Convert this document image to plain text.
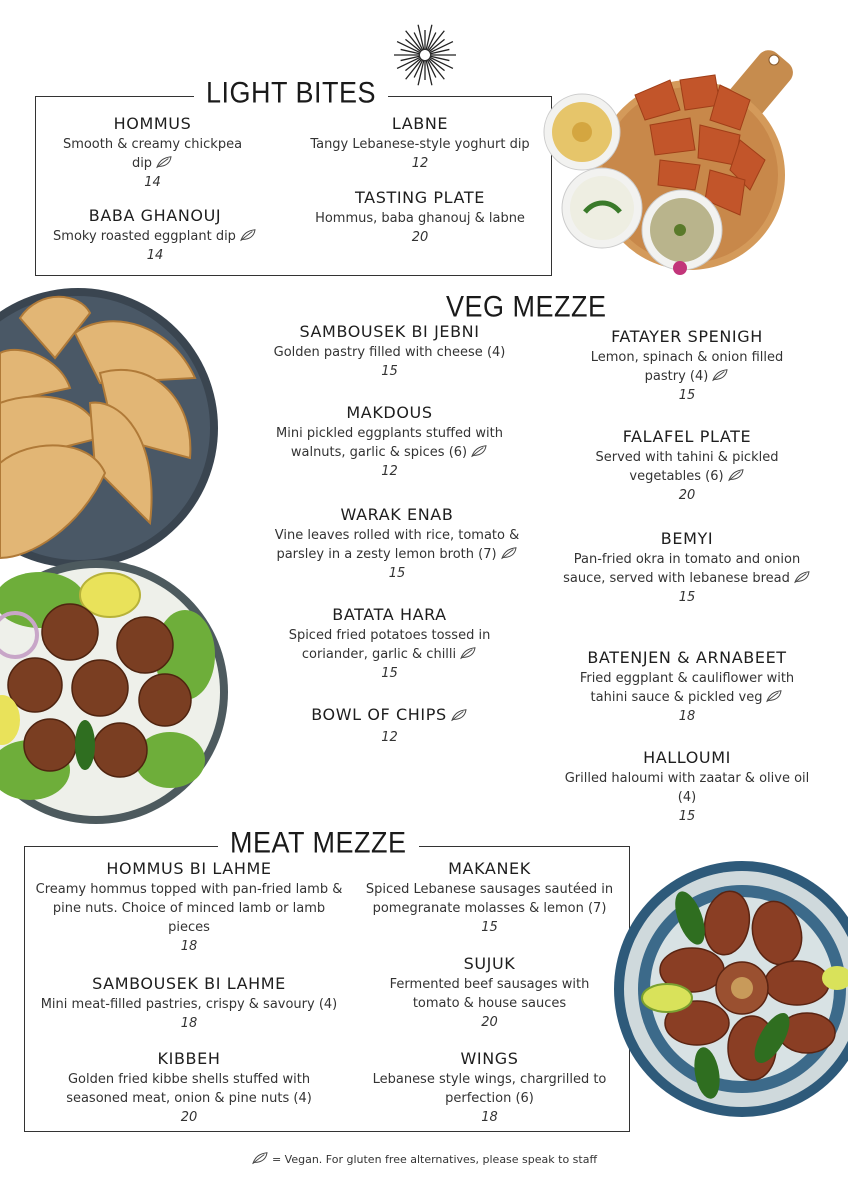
LIGHT BITES
HOMMUS
Smooth & creamy chickpea dip
14
BABA GHANOUJ
Smoky roasted eggplant dip
14
LABNE
Tangy Lebanese-style yoghurt dip
12
TASTING PLATE
Hommus, baba ghanouj & labne
20
VEG MEZZE
SAMBOUSEK BI JEBNI
Golden pastry filled with cheese (4)
15
MAKDOUS
Mini pickled eggplants stuffed with walnuts, garlic & spices (6)
12
WARAK ENAB
Vine leaves rolled with rice, tomato & parsley in a zesty lemon broth (7)
15
BATATA HARA
Spiced fried potatoes tossed in coriander, garlic & chilli
15
BOWL OF CHIPS
12
FATAYER SPENIGH
Lemon, spinach & onion filled pastry (4)
15
FALAFEL PLATE
Served with tahini & pickled vegetables (6)
20
BEMYI
Pan-fried okra in tomato and onion sauce, served with lebanese bread
15
BATENJEN & ARNABEET
Fried eggplant & cauliflower with tahini sauce & pickled veg
18
HALLOUMI
Grilled haloumi with zaatar & olive oil (4)
15
MEAT MEZZE
HOMMUS BI LAHME
Creamy hommus topped with pan-fried lamb & pine nuts. Choice of minced lamb or lamb pieces
18
SAMBOUSEK BI LAHME
Mini meat-filled pastries, crispy & savoury (4)
18
KIBBEH
Golden fried kibbe shells stuffed with seasoned meat, onion & pine nuts (4)
20
MAKANEK
Spiced Lebanese sausages sautéed in pomegranate molasses & lemon (7)
15
SUJUK
Fermented beef sausages with tomato & house sauces
20
WINGS
Lebanese style wings, chargrilled to perfection (6)
18
= Vegan. For gluten free alternatives, please speak to staff
